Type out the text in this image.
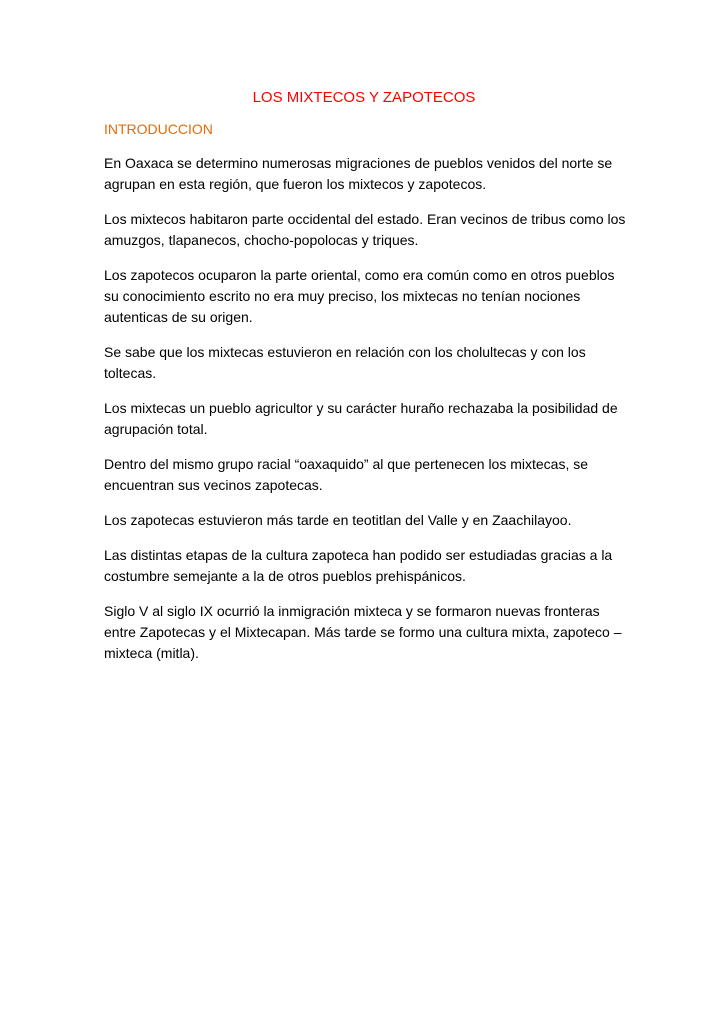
LOS MIXTECOS Y ZAPOTECOS
INTRODUCCION

En Oaxaca se determino numerosas migraciones de pueblos venidos del norte se agrupan en esta región, que fueron los mixtecos y zapotecos.

Los mixtecos habitaron parte occidental del estado. Eran vecinos de tribus como los amuzgos, tlapanecos, chocho-popolocas y triques.

Los zapotecos ocuparon la parte oriental, como era común como en otros pueblos su conocimiento escrito no era muy preciso, los mixtecas no tenían nociones autenticas de su origen.

Se sabe que los mixtecas estuvieron en relación con los cholultecas y con los toltecas.

Los mixtecas un pueblo agricultor y su carácter huraño rechazaba la posibilidad de agrupación total.

Dentro del mismo grupo racial “oaxaquido” al que pertenecen los mixtecas, se encuentran sus vecinos zapotecas.

Los zapotecas estuvieron más tarde en teotitlan del Valle y en Zaachilayoo.

Las distintas etapas de la cultura zapoteca han podido ser estudiadas gracias a la costumbre semejante a la de otros pueblos prehispánicos.

Siglo V al siglo IX ocurrió la inmigración mixteca y se formaron nuevas fronteras entre Zapotecas y el Mixtecapan. Más tarde se formo una cultura mixta, zapoteco – mixteca (mitla).
